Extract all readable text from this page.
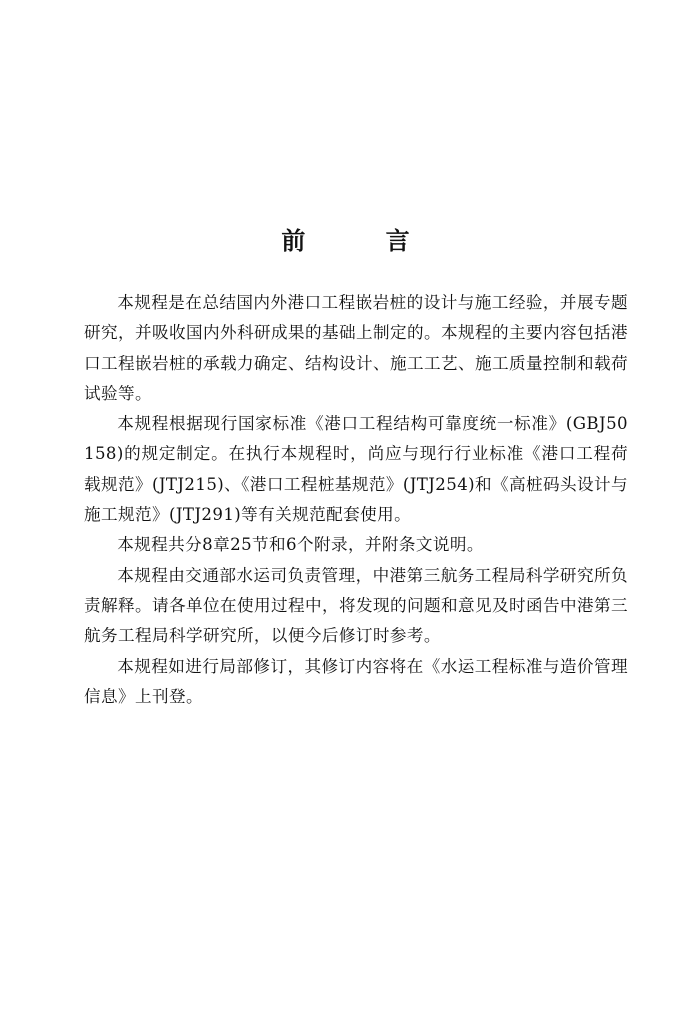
前 言

本规程是在总结国内外港口工程嵌岩桩的设计与施工经验，并展专题研究，并吸收国内外科研成果的基础上制定的。本规程的主要内容包括港口工程嵌岩桩的承载力确定、结构设计、施工工艺、施工质量控制和载荷试验等。

本规程根据现行国家标准《港口工程结构可靠度统一标准》(GBJ50158)的规定制定。在执行本规程时，尚应与现行行业标准《港口工程荷载规范》(JTJ215)、《港口工程桩基规范》(JTJ254)和《高桩码头设计与施工规范》(JTJ291)等有关规范配套使用。

本规程共分8章25节和6个附录，并附条文说明。

本规程由交通部水运司负责管理，中港第三航务工程局科学研究所负责解释。请各单位在使用过程中，将发现的问题和意见及时函告中港第三航务工程局科学研究所，以便今后修订时参考。

本规程如进行局部修订，其修订内容将在《水运工程标准与造价管理信息》上刊登。
